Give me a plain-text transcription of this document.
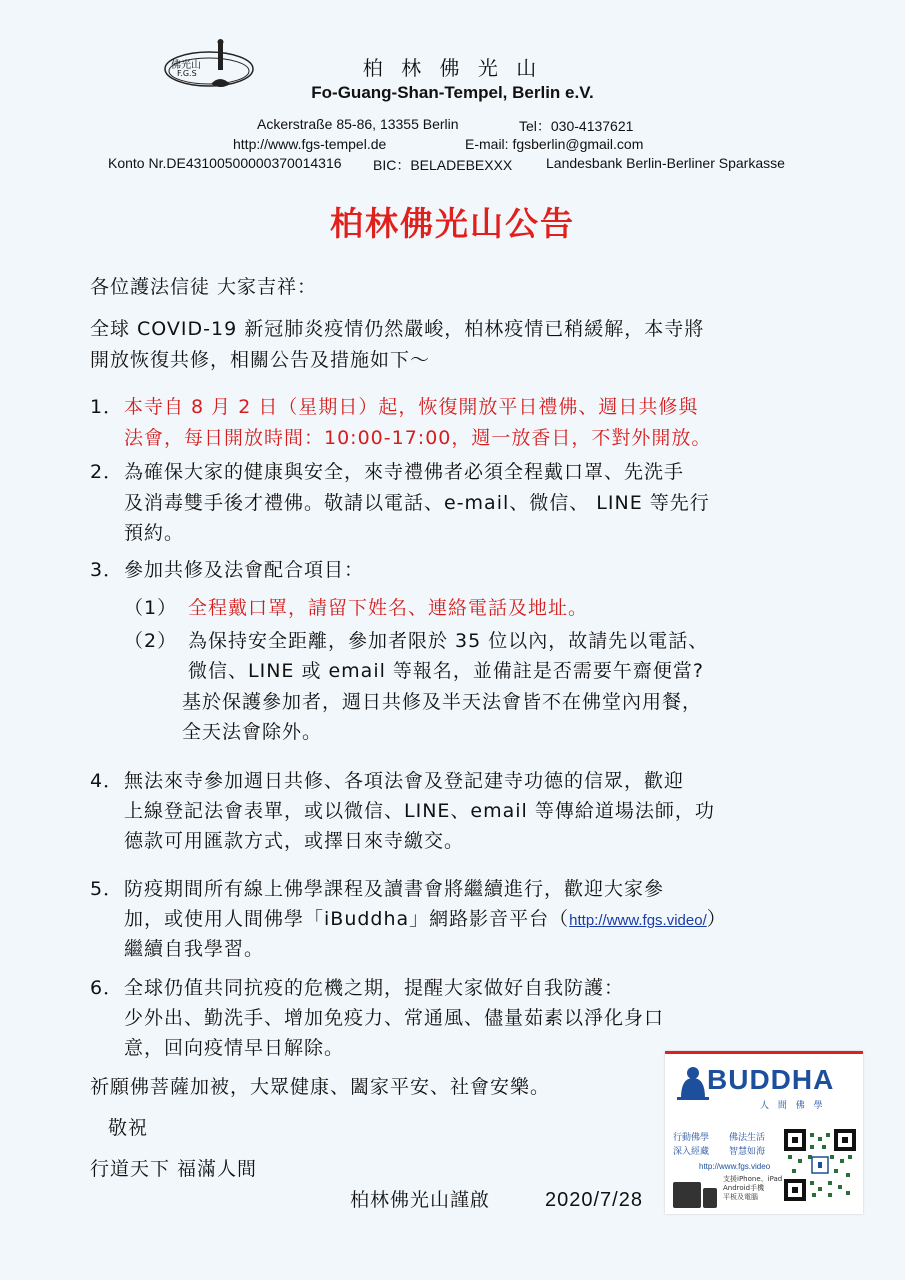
佛光山
F.G.S	柏 林 佛 光 山
Fo-Guang-Shan-Tempel, Berlin e.V.
Ackerstraße 85-86, 13355 Berlin	Tel：030-4137621
http://www.fgs-tempel.de	E-mail: fgsberlin@gmail.com
Konto Nr.DE43100500000370014316 BIC：BELADEBEXXX Landesbank Berlin-Berliner Sparkasse
柏林佛光山公告
各位護法信徒 大家吉祥：
全球 COVID-19 新冠肺炎疫情仍然嚴峻，柏林疫情已稍緩解，本寺將
開放恢復共修，相關公告及措施如下～
1． 本寺自 8 月 2 日（星期日）起，恢復開放平日禮佛、週日共修與
法會，每日開放時間：10:00-17:00，週一放香日，不對外開放。
2． 為確保大家的健康與安全，來寺禮佛者必須全程戴口罩、先洗手
及消毒雙手後才禮佛。敬請以電話、e-mail、微信、 LINE 等先行
預約。
3． 參加共修及法會配合項目：
（1） 全程戴口罩，請留下姓名、連絡電話及地址。
（2） 為保持安全距離，參加者限於 35 位以內，故請先以電話、
微信、LINE 或 email 等報名，並備註是否需要午齋便當?
基於保護參加者，週日共修及半天法會皆不在佛堂內用餐，
全天法會除外。
4． 無法來寺參加週日共修、各項法會及登記建寺功德的信眾，歡迎
上線登記法會表單，或以微信、LINE、email 等傳給道場法師，功
德款可用匯款方式，或擇日來寺繳交。
5． 防疫期間所有線上佛學課程及讀書會將繼續進行，歡迎大家參
加，或使用人間佛學「iBuddha」網路影音平台（http://www.fgs.video/）
繼續自我學習。
6． 全球仍值共同抗疫的危機之期，提醒大家做好自我防護：
少外出、勤洗手、增加免疫力、常通風、儘量茹素以淨化身口
意，回向疫情早日解除。
祈願佛菩薩加被，大眾健康、闔家平安、社會安樂。
敬祝
行道天下 福滿人間
柏林佛光山謹啟	2020/7/28
BUDDHA
人 間 佛 學
行動佛學 佛法生活
深入經藏 智慧如海
http://www.fgs.video
支援iPhone、iPad
Android手機
平板及電腦
